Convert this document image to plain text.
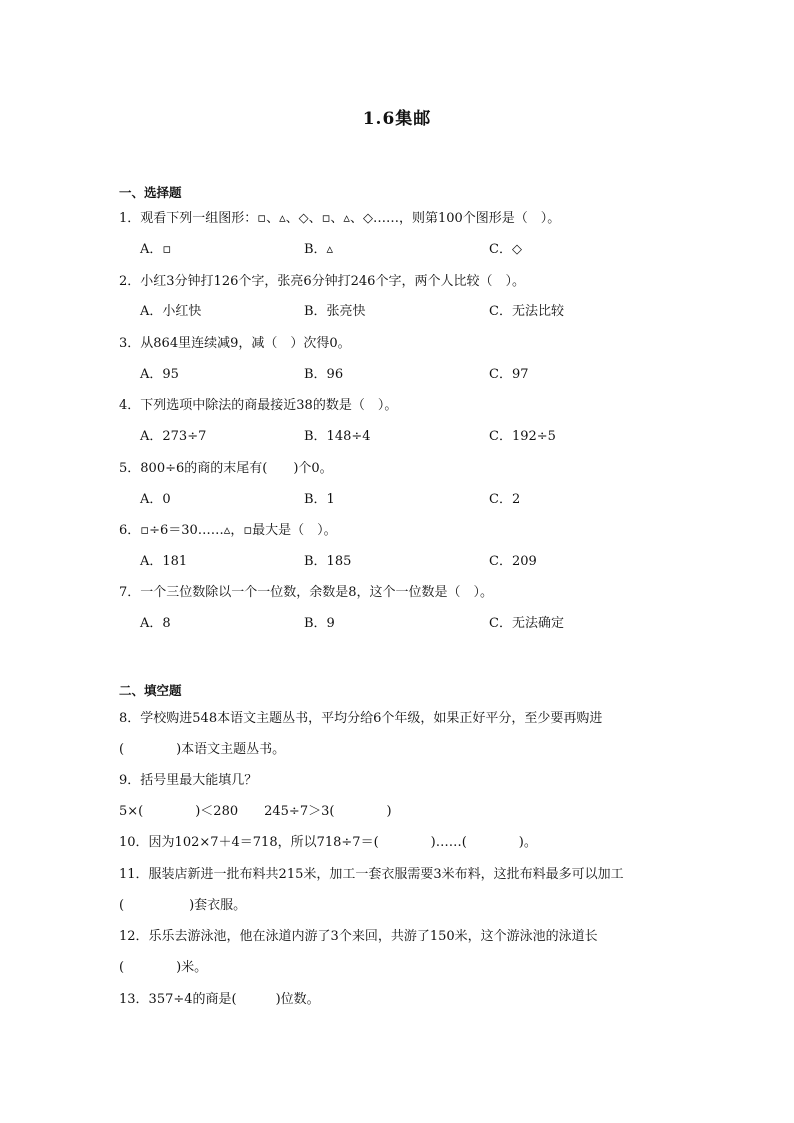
1.6集邮
一、选择题
1．观看下列一组图形：▫、▵、◇、▫、▵、◇……，则第100个图形是（　）。
A．▫	B．▵	C．◇
2．小红3分钟打126个字，张亮6分钟打246个字，两个人比较（　）。
A．小红快	B．张亮快	C．无法比较
3．从864里连续减9，减（　）次得0。
A．95	B．96	C．97
4．下列选项中除法的商最接近38的数是（　）。
A．273÷7	B．148÷4	C．192÷5
5．800÷6的商的末尾有(　　)个0。
A．0	B．1	C．2
6．▫÷6＝30……▵，▫最大是（　）。
A．181	B．185	C．209
7．一个三位数除以一个一位数，余数是8，这个一位数是（　）。
A．8	B．9	C．无法确定
二、填空题
8．学校购进548本语文主题丛书，平均分给6个年级，如果正好平分，至少要再购进
(　　　　)本语文主题丛书。
9．括号里最大能填几？
5×(　　　　)＜280　　245÷7＞3(　　　　)
10．因为102×7＋4＝718，所以718÷7＝(　　　　)……(　　　　)。
11．服装店新进一批布料共215米，加工一套衣服需要3米布料，这批布料最多可以加工
(　　　　　)套衣服。
12．乐乐去游泳池，他在泳道内游了3个来回，共游了150米，这个游泳池的泳道长
(　　　　)米。
13．357÷4的商是(　　　)位数。
